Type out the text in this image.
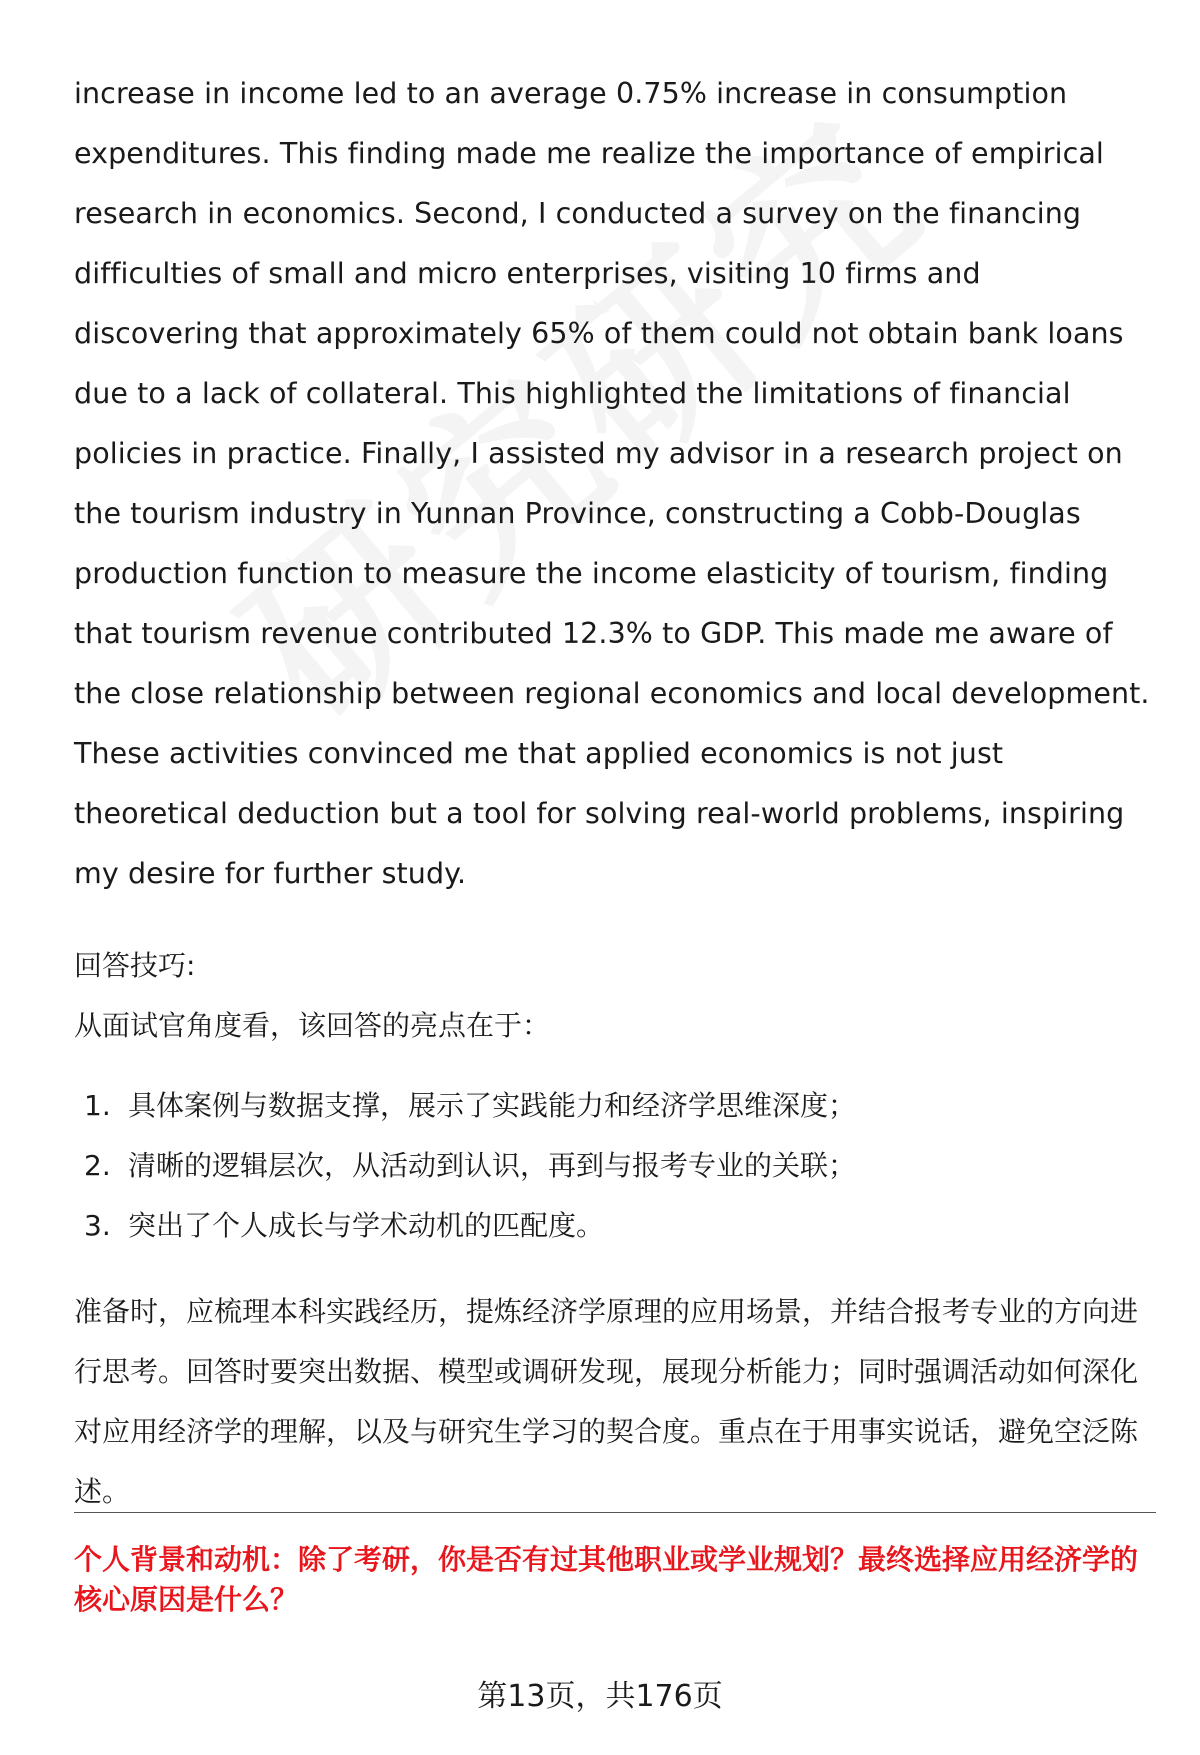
increase in income led to an average 0.75% increase in consumption expenditures. This finding made me realize the importance of empirical research in economics. Second, I conducted a survey on the financing difficulties of small and micro enterprises, visiting 10 firms and discovering that approximately 65% of them could not obtain bank loans due to a lack of collateral. This highlighted the limitations of financial policies in practice. Finally, I assisted my advisor in a research project on the tourism industry in Yunnan Province, constructing a Cobb-Douglas production function to measure the income elasticity of tourism, finding that tourism revenue contributed 12.3% to GDP. This made me aware of the close relationship between regional economics and local development. These activities convinced me that applied economics is not just theoretical deduction but a tool for solving real-world problems, inspiring my desire for further study.

回答技巧:

从面试官角度看，该回答的亮点在于：

1. 具体案例与数据支撑，展示了实践能力和经济学思维深度；
2. 清晰的逻辑层次，从活动到认识，再到与报考专业的关联；
3. 突出了个人成长与学术动机的匹配度。

准备时，应梳理本科实践经历，提炼经济学原理的应用场景，并结合报考专业的方向进行思考。回答时要突出数据、模型或调研发现，展现分析能力；同时强调活动如何深化对应用经济学的理解，以及与研究生学习的契合度。重点在于用事实说话，避免空泛陈述。

个人背景和动机：除了考研，你是否有过其他职业或学业规划？最终选择应用经济学的核心原因是什么？

第13页，共176页
